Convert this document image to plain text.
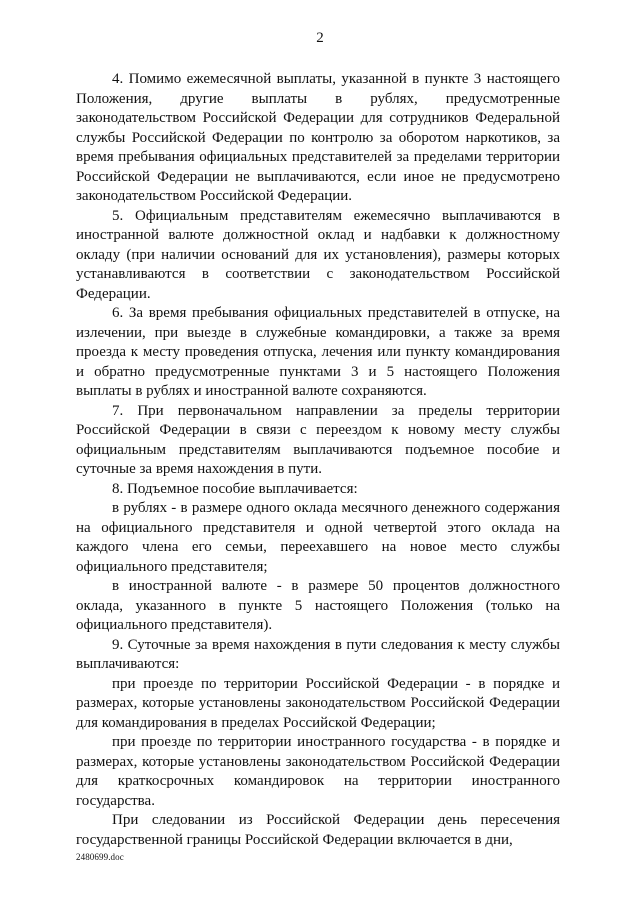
2

4. Помимо ежемесячной выплаты, указанной в пункте 3 настоящего Положения, другие выплаты в рублях, предусмотренные законодательством Российской Федерации для сотрудников Федеральной службы Российской Федерации по контролю за оборотом наркотиков, за время пребывания официальных представителей за пределами территории Российской Федерации не выплачиваются, если иное не предусмотрено законодательством Российской Федерации.

5. Официальным представителям ежемесячно выплачиваются в иностранной валюте должностной оклад и надбавки к должностному окладу (при наличии оснований для их установления), размеры которых устанавливаются в соответствии с законодательством Российской Федерации.

6. За время пребывания официальных представителей в отпуске, на излечении, при выезде в служебные командировки, а также за время проезда к месту проведения отпуска, лечения или пункту командирования и обратно предусмотренные пунктами 3 и 5 настоящего Положения выплаты в рублях и иностранной валюте сохраняются.

7. При первоначальном направлении за пределы территории Российской Федерации в связи с переездом к новому месту службы официальным представителям выплачиваются подъемное пособие и суточные за время нахождения в пути.

8. Подъемное пособие выплачивается:

в рублях - в размере одного оклада месячного денежного содержания на официального представителя и одной четвертой этого оклада на каждого члена его семьи, переехавшего на новое место службы официального представителя;

в иностранной валюте - в размере 50 процентов должностного оклада, указанного в пункте 5 настоящего Положения (только на официального представителя).

9. Суточные за время нахождения в пути следования к месту службы выплачиваются:

при проезде по территории Российской Федерации - в порядке и размерах, которые установлены законодательством Российской Федерации для командирования в пределах Российской Федерации;

при проезде по территории иностранного государства - в порядке и размерах, которые установлены законодательством Российской Федерации для краткосрочных командировок на территории иностранного государства.

При следовании из Российской Федерации день пересечения государственной границы Российской Федерации включается в дни,

2480699.doc
